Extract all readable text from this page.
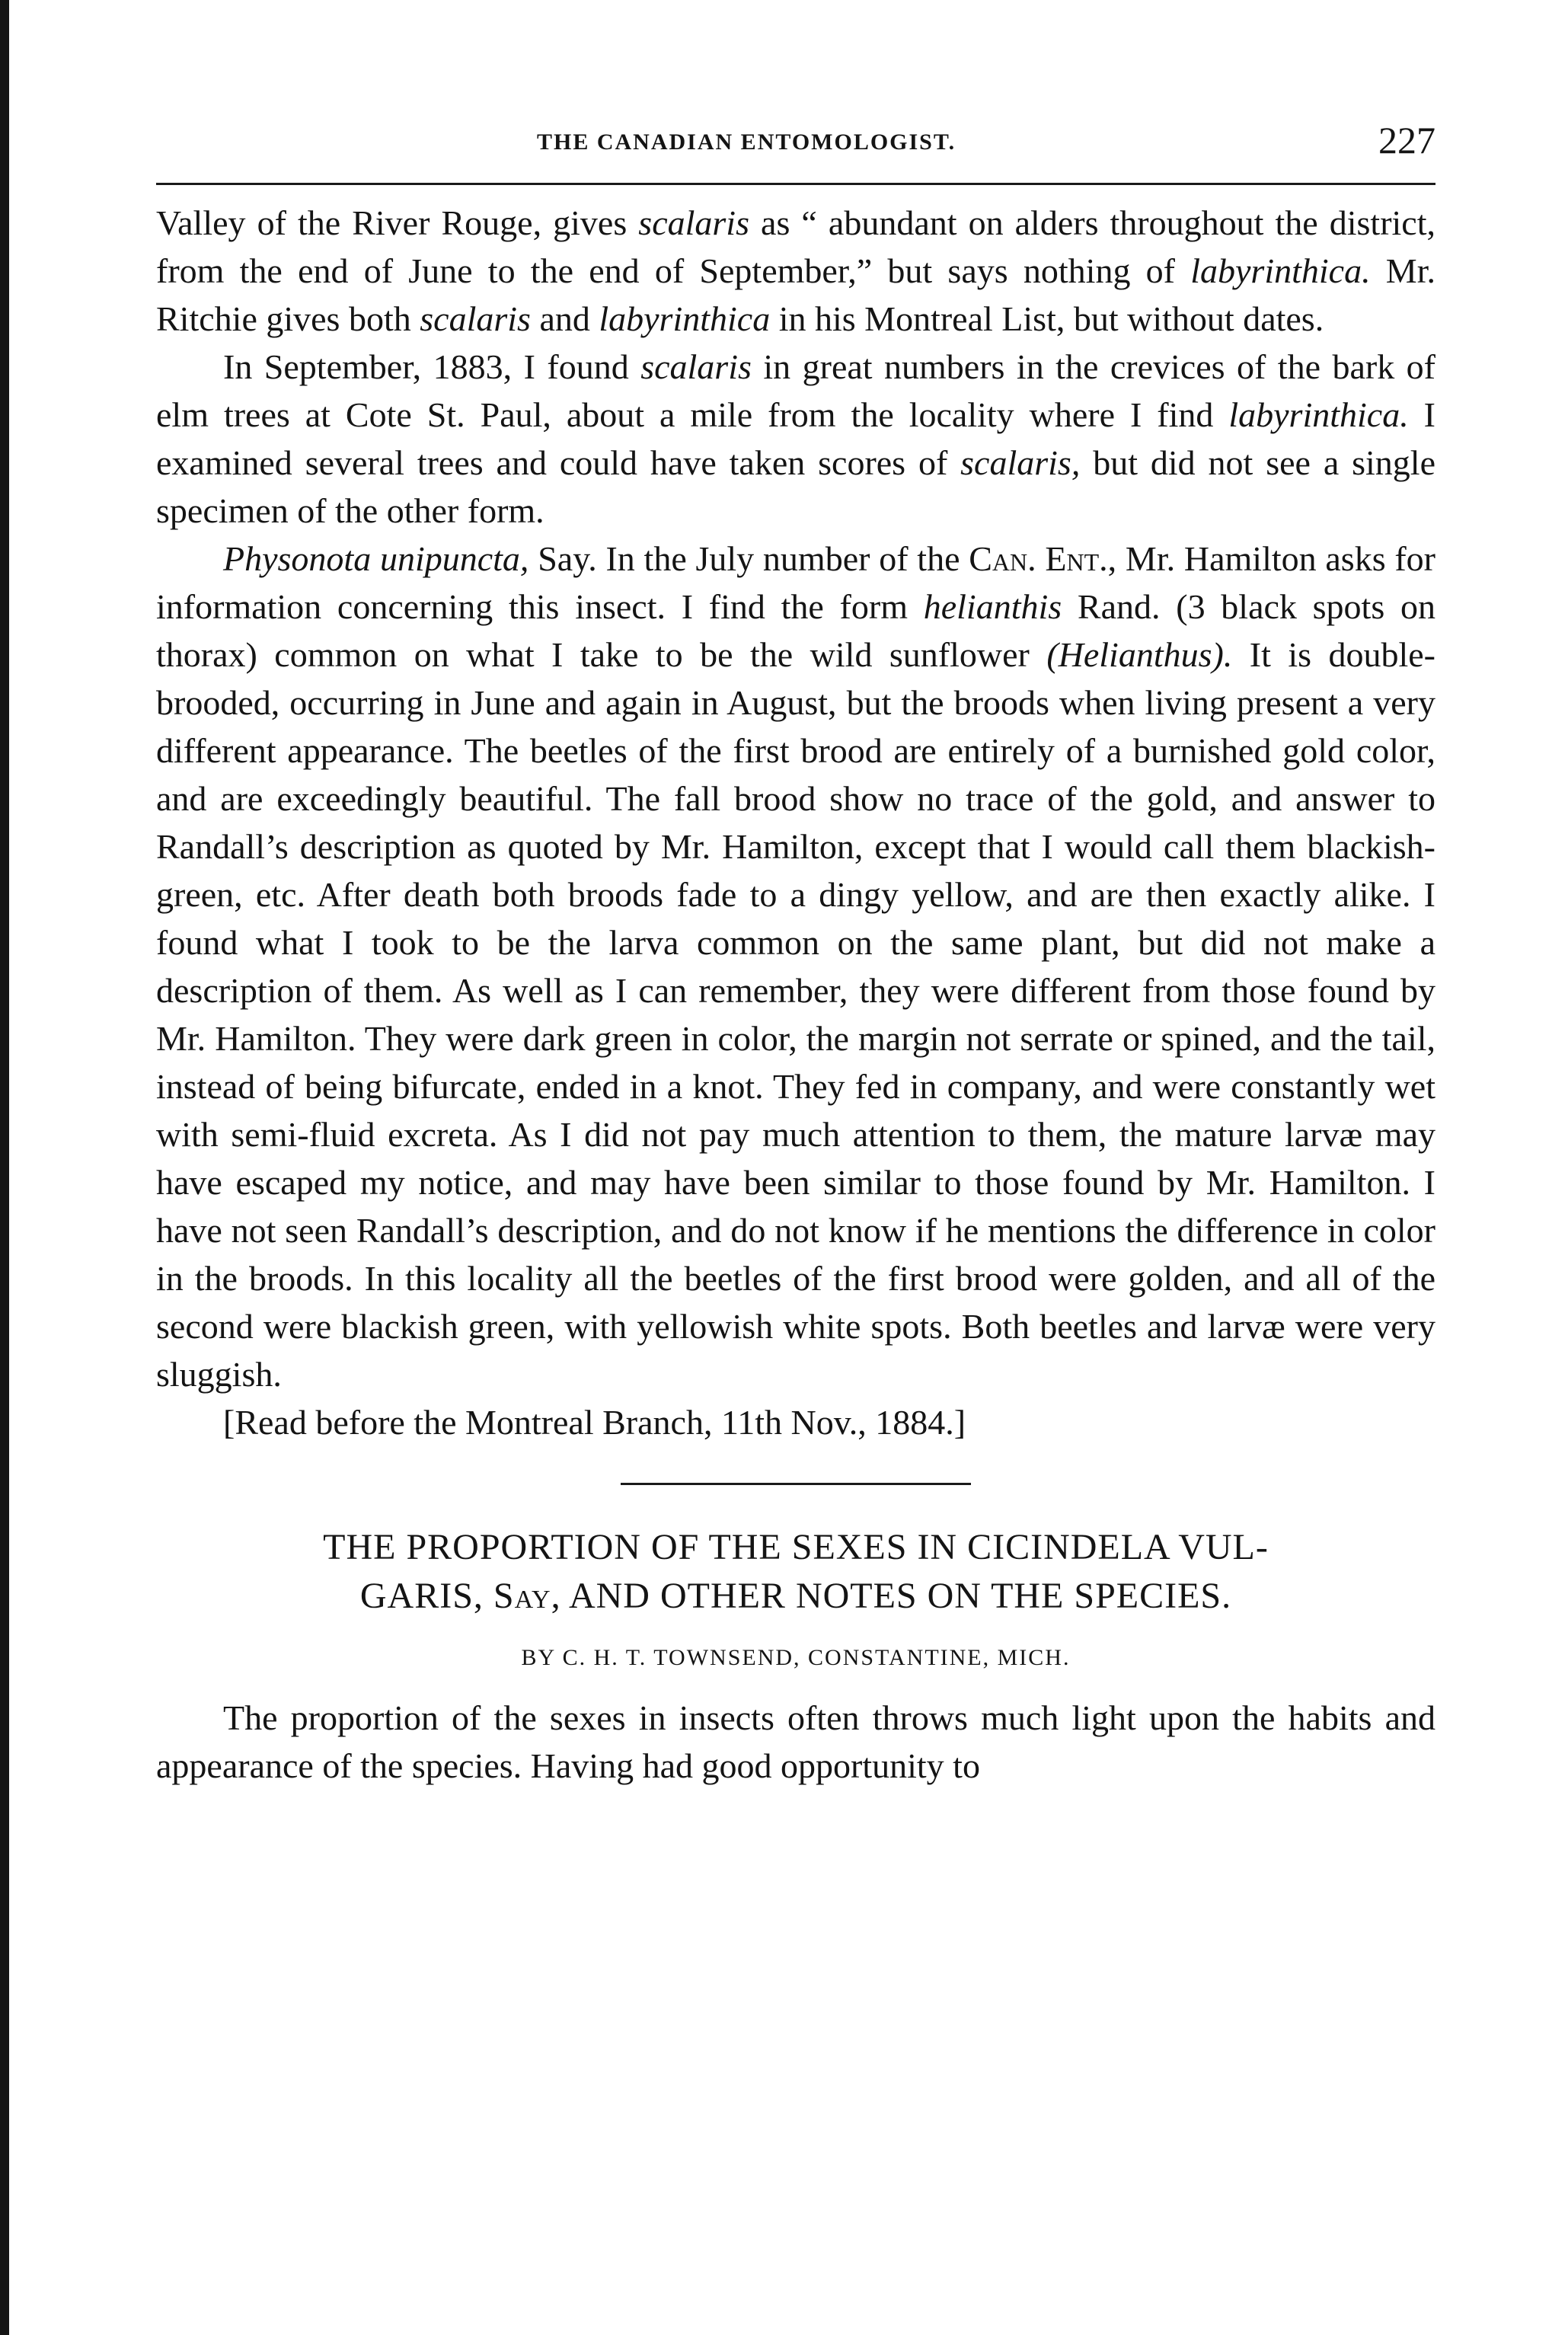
THE CANADIAN ENTOMOLOGIST.	227

Valley of the River Rouge, gives scalaris as “ abundant on alders throughout the district, from the end of June to the end of September,” but says nothing of labyrinthica. Mr. Ritchie gives both scalaris and labyrinthica in his Montreal List, but without dates.

In September, 1883, I found scalaris in great numbers in the crevices of the bark of elm trees at Cote St. Paul, about a mile from the locality where I find labyrinthica. I examined several trees and could have taken scores of scalaris, but did not see a single specimen of the other form.

Physonota unipuncta, Say. In the July number of the Can. Ent., Mr. Hamilton asks for information concerning this insect. I find the form helianthis Rand. (3 black spots on thorax) common on what I take to be the wild sunflower (Helianthus). It is double-brooded, occurring in June and again in August, but the broods when living present a very different appearance. The beetles of the first brood are entirely of a burnished gold color, and are exceedingly beautiful. The fall brood show no trace of the gold, and answer to Randall’s description as quoted by Mr. Hamilton, except that I would call them blackish-green, etc. After death both broods fade to a dingy yellow, and are then exactly alike. I found what I took to be the larva common on the same plant, but did not make a description of them. As well as I can remember, they were different from those found by Mr. Hamilton. They were dark green in color, the margin not serrate or spined, and the tail, instead of being bifurcate, ended in a knot. They fed in company, and were constantly wet with semi-fluid excreta. As I did not pay much attention to them, the mature larvæ may have escaped my notice, and may have been similar to those found by Mr. Hamilton. I have not seen Randall’s description, and do not know if he mentions the difference in color in the broods. In this locality all the beetles of the first brood were golden, and all of the second were blackish green, with yellowish white spots. Both beetles and larvæ were very sluggish.

[Read before the Montreal Branch, 11th Nov., 1884.]

THE PROPORTION OF THE SEXES IN CICINDELA VUL-
GARIS, Say, AND OTHER NOTES ON THE SPECIES.

BY C. H. T. TOWNSEND, CONSTANTINE, MICH.

The proportion of the sexes in insects often throws much light upon the habits and appearance of the species. Having had good opportunity to
